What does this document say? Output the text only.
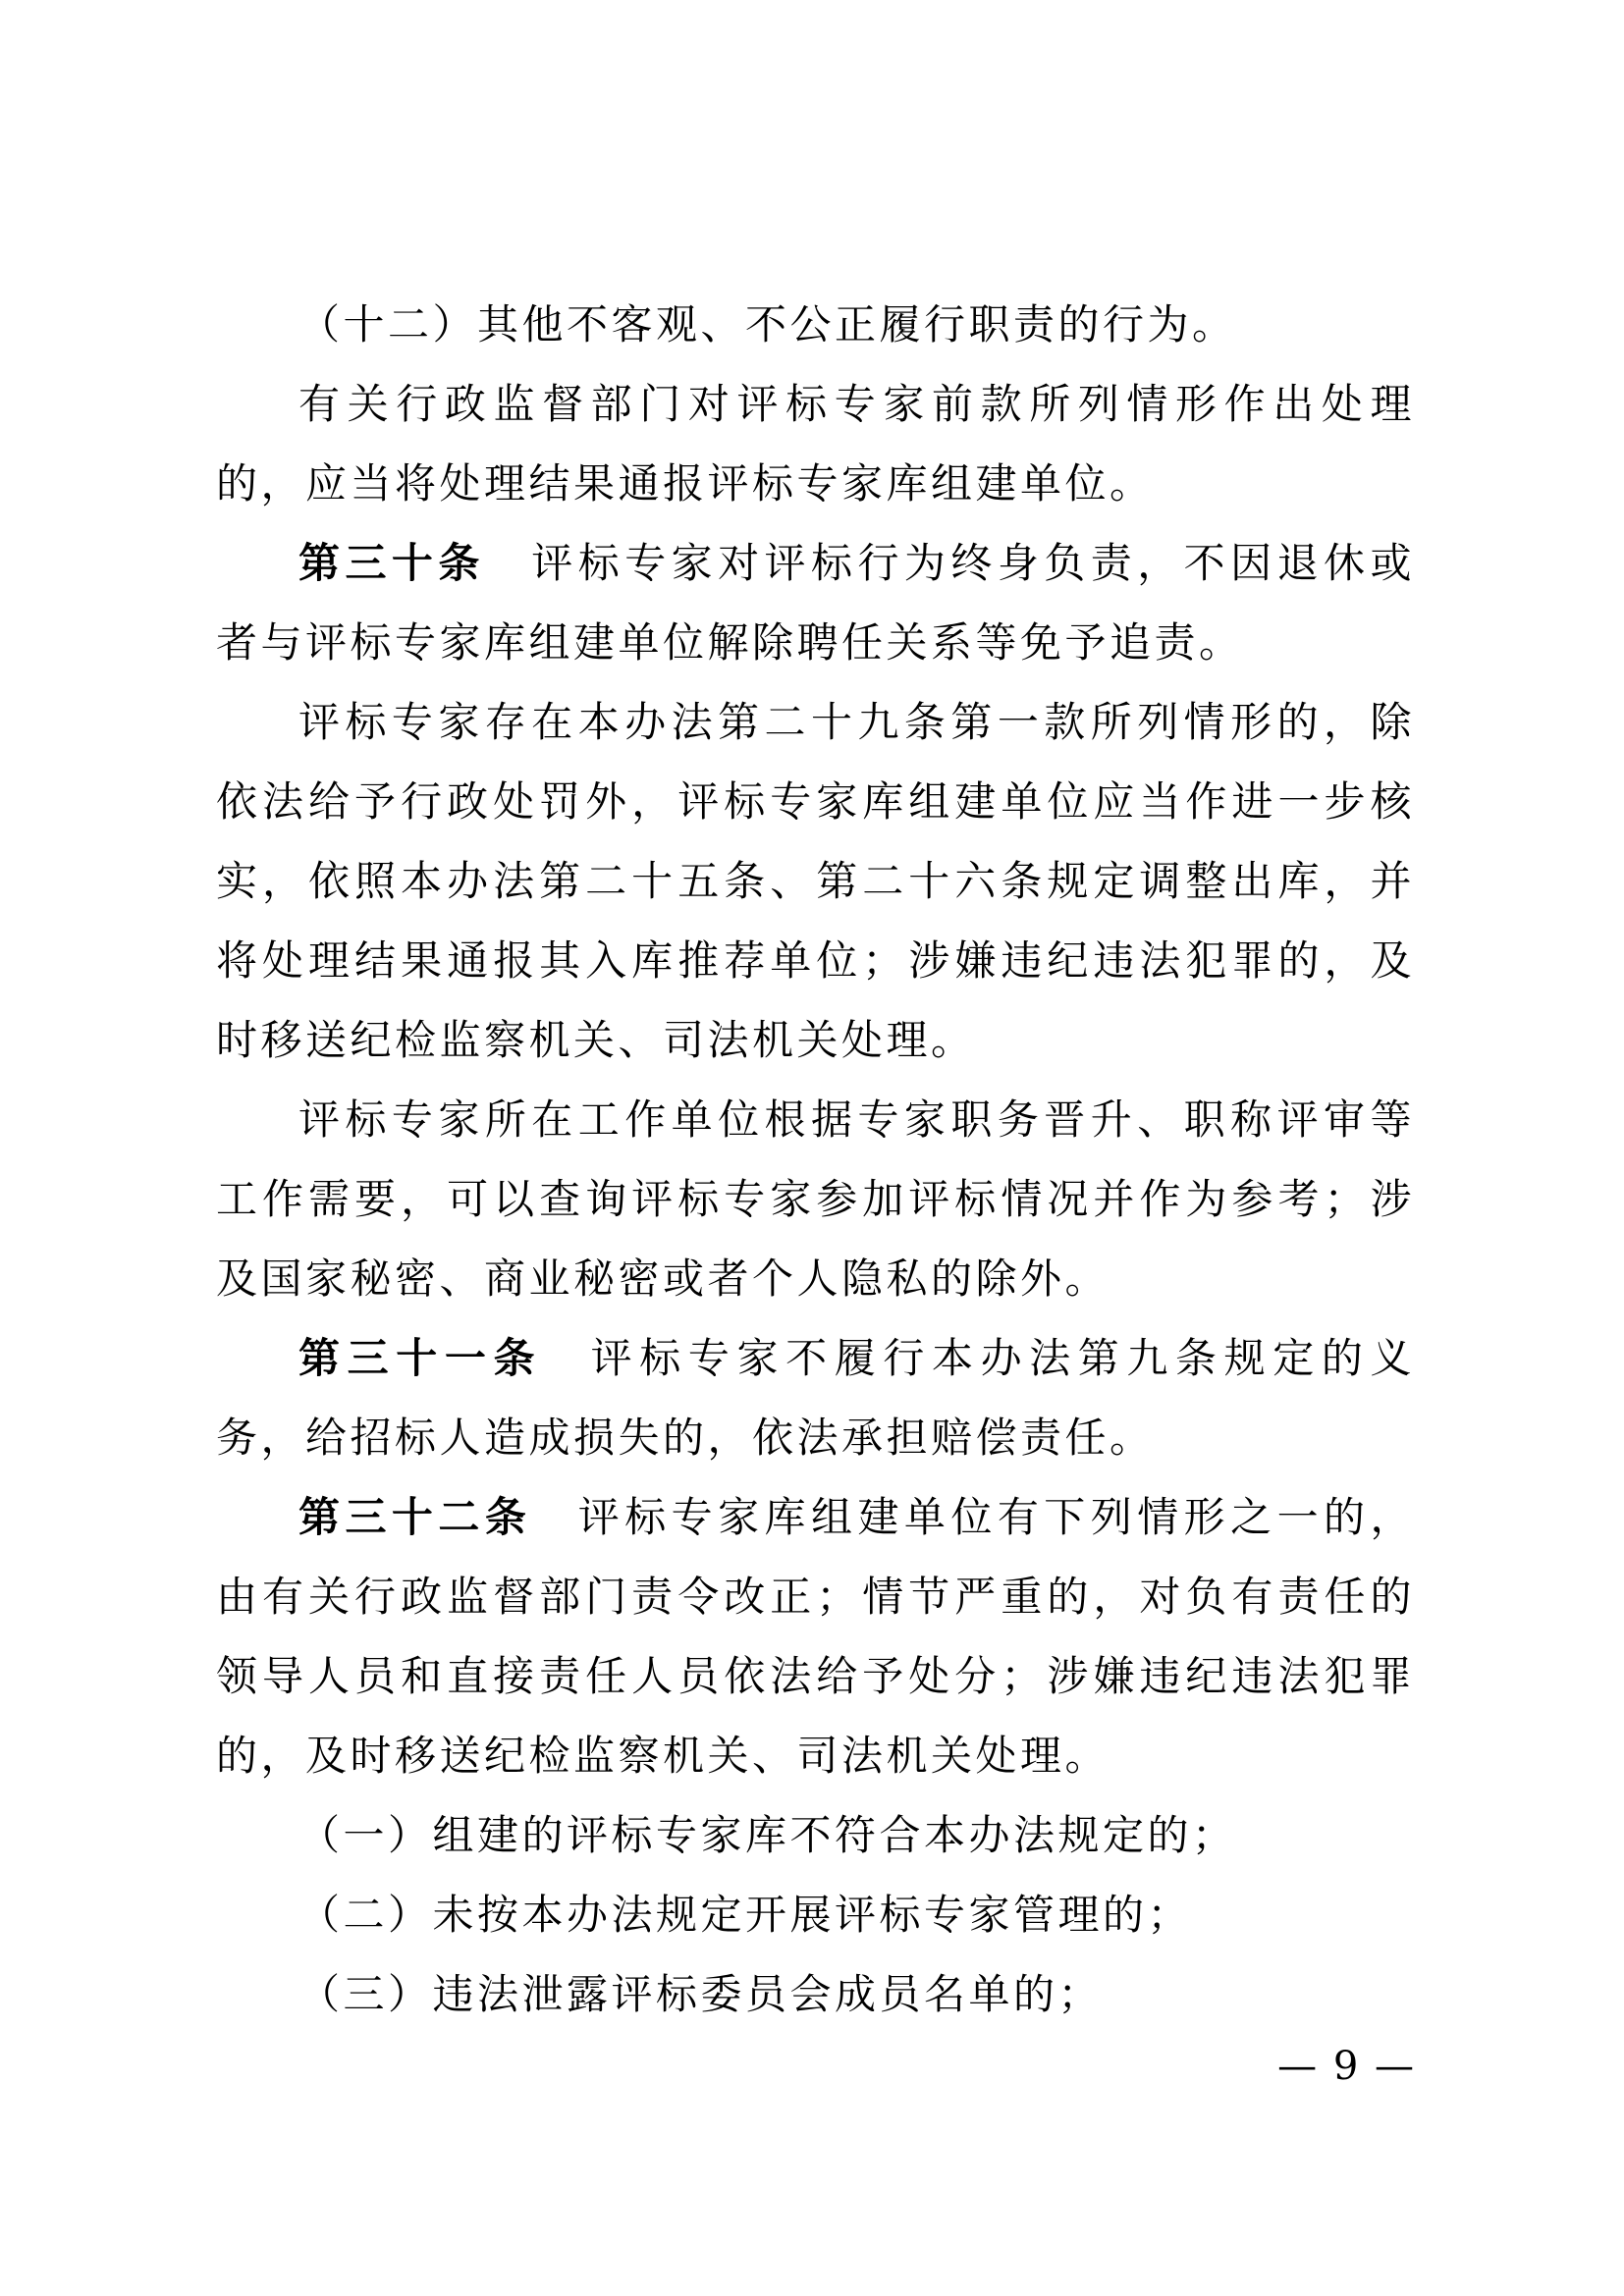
（十二）其他不客观、不公正履行职责的行为。

有关行政监督部门对评标专家前款所列情形作出处理的，应当将处理结果通报评标专家库组建单位。

第三十条　评标专家对评标行为终身负责，不因退休或者与评标专家库组建单位解除聘任关系等免予追责。

评标专家存在本办法第二十九条第一款所列情形的，除依法给予行政处罚外，评标专家库组建单位应当作进一步核实，依照本办法第二十五条、第二十六条规定调整出库，并将处理结果通报其入库推荐单位；涉嫌违纪违法犯罪的，及时移送纪检监察机关、司法机关处理。

评标专家所在工作单位根据专家职务晋升、职称评审等工作需要，可以查询评标专家参加评标情况并作为参考；涉及国家秘密、商业秘密或者个人隐私的除外。

第三十一条　评标专家不履行本办法第九条规定的义务，给招标人造成损失的，依法承担赔偿责任。

第三十二条　评标专家库组建单位有下列情形之一的，由有关行政监督部门责令改正；情节严重的，对负有责任的领导人员和直接责任人员依法给予处分；涉嫌违纪违法犯罪的，及时移送纪检监察机关、司法机关处理。

（一）组建的评标专家库不符合本办法规定的；

（二）未按本办法规定开展评标专家管理的；

（三）违法泄露评标委员会成员名单的；

— 9 —
